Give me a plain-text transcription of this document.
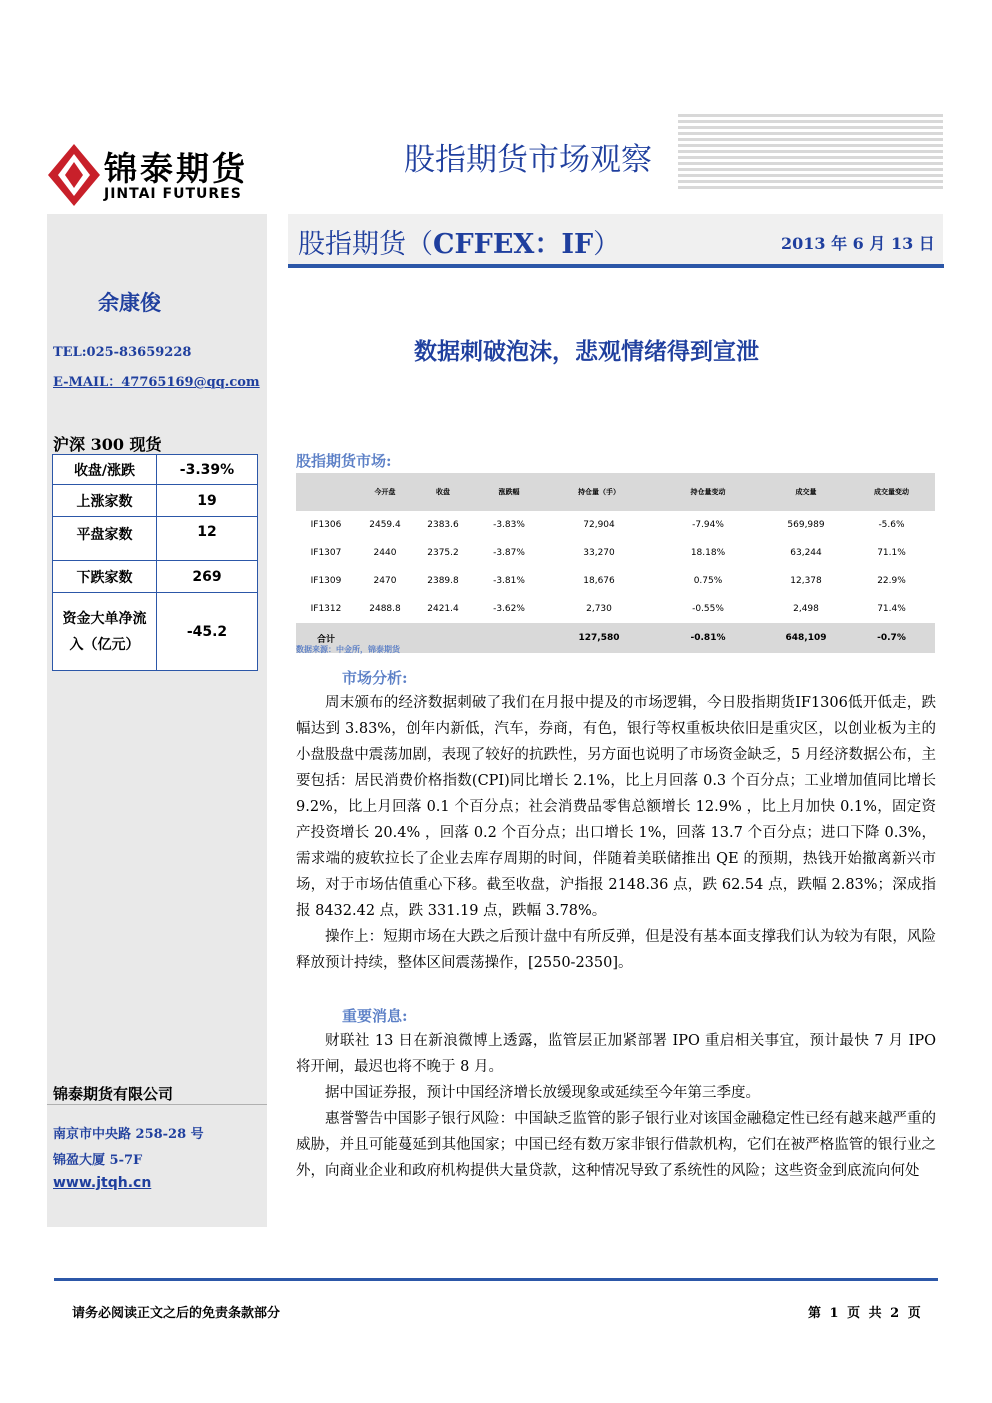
锦泰期货
JINTAI FUTURES
股指期货市场观察
股指期货（CFFEX：IF）	2013 年 6 月 13 日
余康俊
TEL:025-83659228
E-MAIL：47765169@qq.com
沪深 300 现货
收盘/涨跌	-3.39%
上涨家数	19
平盘家数	12
下跌家数	269
资金大单净流入（亿元）	-45.2
锦泰期货有限公司
南京市中央路 258-28 号
锦盈大厦 5-7F
www.jtqh.cn
数据刺破泡沫，悲观情绪得到宣泄
股指期货市场:
	今开盘	收盘	涨跌幅	持仓量（手）	持仓量变动	成交量	成交量变动
IF1306	2459.4	2383.6	-3.83%	72,904	-7.94%	569,989	-5.6%
IF1307	2440	2375.2	-3.87%	33,270	18.18%	63,244	71.1%
IF1309	2470	2389.8	-3.81%	18,676	0.75%	12,378	22.9%
IF1312	2488.8	2421.4	-3.62%	2,730	-0.55%	2,498	71.4%
合计				127,580	-0.81%	648,109	-0.7%
数据来源：中金所，锦泰期货
市场分析:

周末颁布的经济数据刺破了我们在月报中提及的市场逻辑，今日股指期货IF1306低开低走，跌幅达到 3.83%，创年内新低，汽车，券商，有色，银行等权重板块依旧是重灾区，以创业板为主的小盘股盘中震荡加剧，表现了较好的抗跌性，另方面也说明了市场资金缺乏，5 月经济数据公布，主要包括：居民消费价格指数(CPI)同比增长 2.1%，比上月回落 0.3 个百分点；工业增加值同比增长 9.2%，比上月回落 0.1 个百分点；社会消费品零售总额增长 12.9% ，比上月加快 0.1%，固定资产投资增长 20.4% ，回落 0.2 个百分点；出口增长 1%，回落 13.7 个百分点；进口下降 0.3%，需求端的疲软拉长了企业去库存周期的时间，伴随着美联储推出 QE 的预期，热钱开始撤离新兴市场，对于市场估值重心下移。截至收盘，沪指报 2148.36 点，跌 62.54 点，跌幅 2.83%；深成指报 8432.42 点，跌 331.19 点，跌幅 3.78%。

操作上：短期市场在大跌之后预计盘中有所反弹，但是没有基本面支撑我们认为较为有限，风险释放预计持续，整体区间震荡操作，[2550-2350]。

重要消息:

财联社 13 日在新浪微博上透露，监管层正加紧部署 IPO 重启相关事宜，预计最快 7 月 IPO 将开闸，最迟也将不晚于 8 月。

据中国证券报，预计中国经济增长放缓现象或延续至今年第三季度。

惠誉警告中国影子银行风险：中国缺乏监管的影子银行业对该国金融稳定性已经有越来越严重的威胁，并且可能蔓延到其他国家；中国已经有数万家非银行借款机构，它们在被严格监管的银行业之外，向商业企业和政府机构提供大量贷款，这种情况导致了系统性的风险；这些资金到底流向何处

请务必阅读正文之后的免责条款部分	第 1 页 共 2 页
